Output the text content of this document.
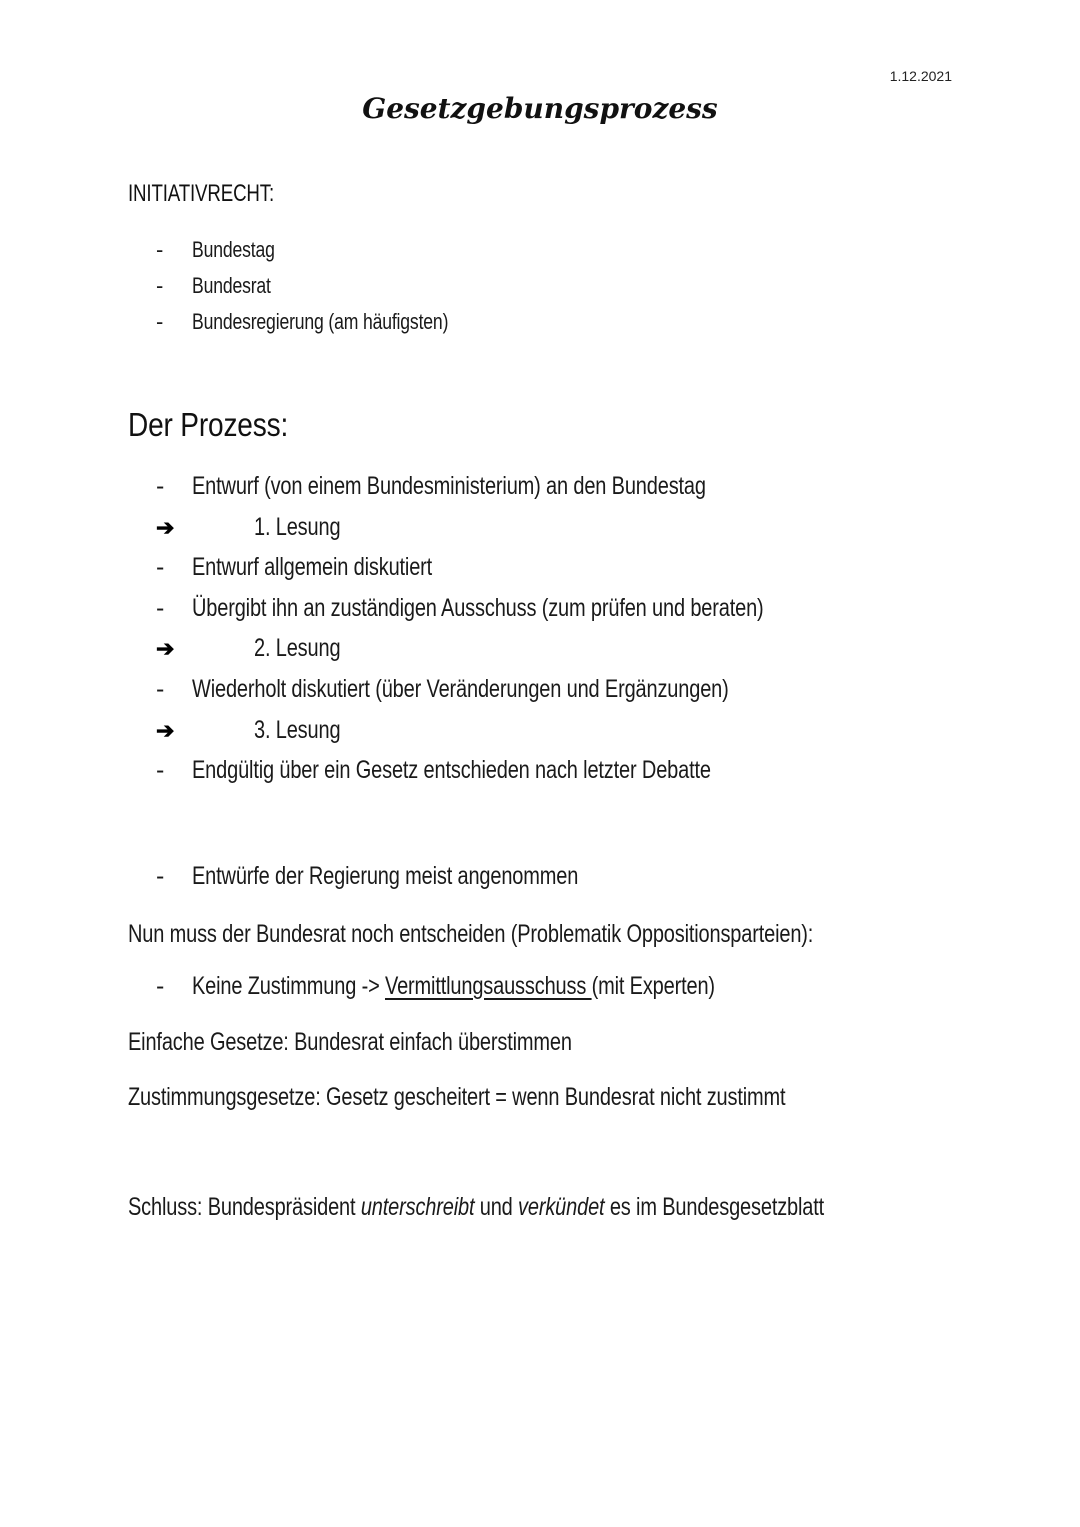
1.12.2021
Gesetzgebungsprozess
INITIATIVRECHT:
- Bundestag
- Bundesrat
- Bundesregierung (am häufigsten)
Der Prozess:
- Entwurf (von einem Bundesministerium) an den Bundestag
➔	1. Lesung
- Entwurf allgemein diskutiert
- Übergibt ihn an zuständigen Ausschuss (zum prüfen und beraten)
➔	2. Lesung
- Wiederholt diskutiert (über Veränderungen und Ergänzungen)
➔	3. Lesung
- Endgültig über ein Gesetz entschieden nach letzter Debatte
- Entwürfe der Regierung meist angenommen
Nun muss der Bundesrat noch entscheiden (Problematik Oppositionsparteien):
- Keine Zustimmung -> Vermittlungsausschuss (mit Experten)
Einfache Gesetze: Bundesrat einfach überstimmen
Zustimmungsgesetze: Gesetz gescheitert = wenn Bundesrat nicht zustimmt
Schluss: Bundespräsident unterschreibt und verkündet es im Bundesgesetzblatt
